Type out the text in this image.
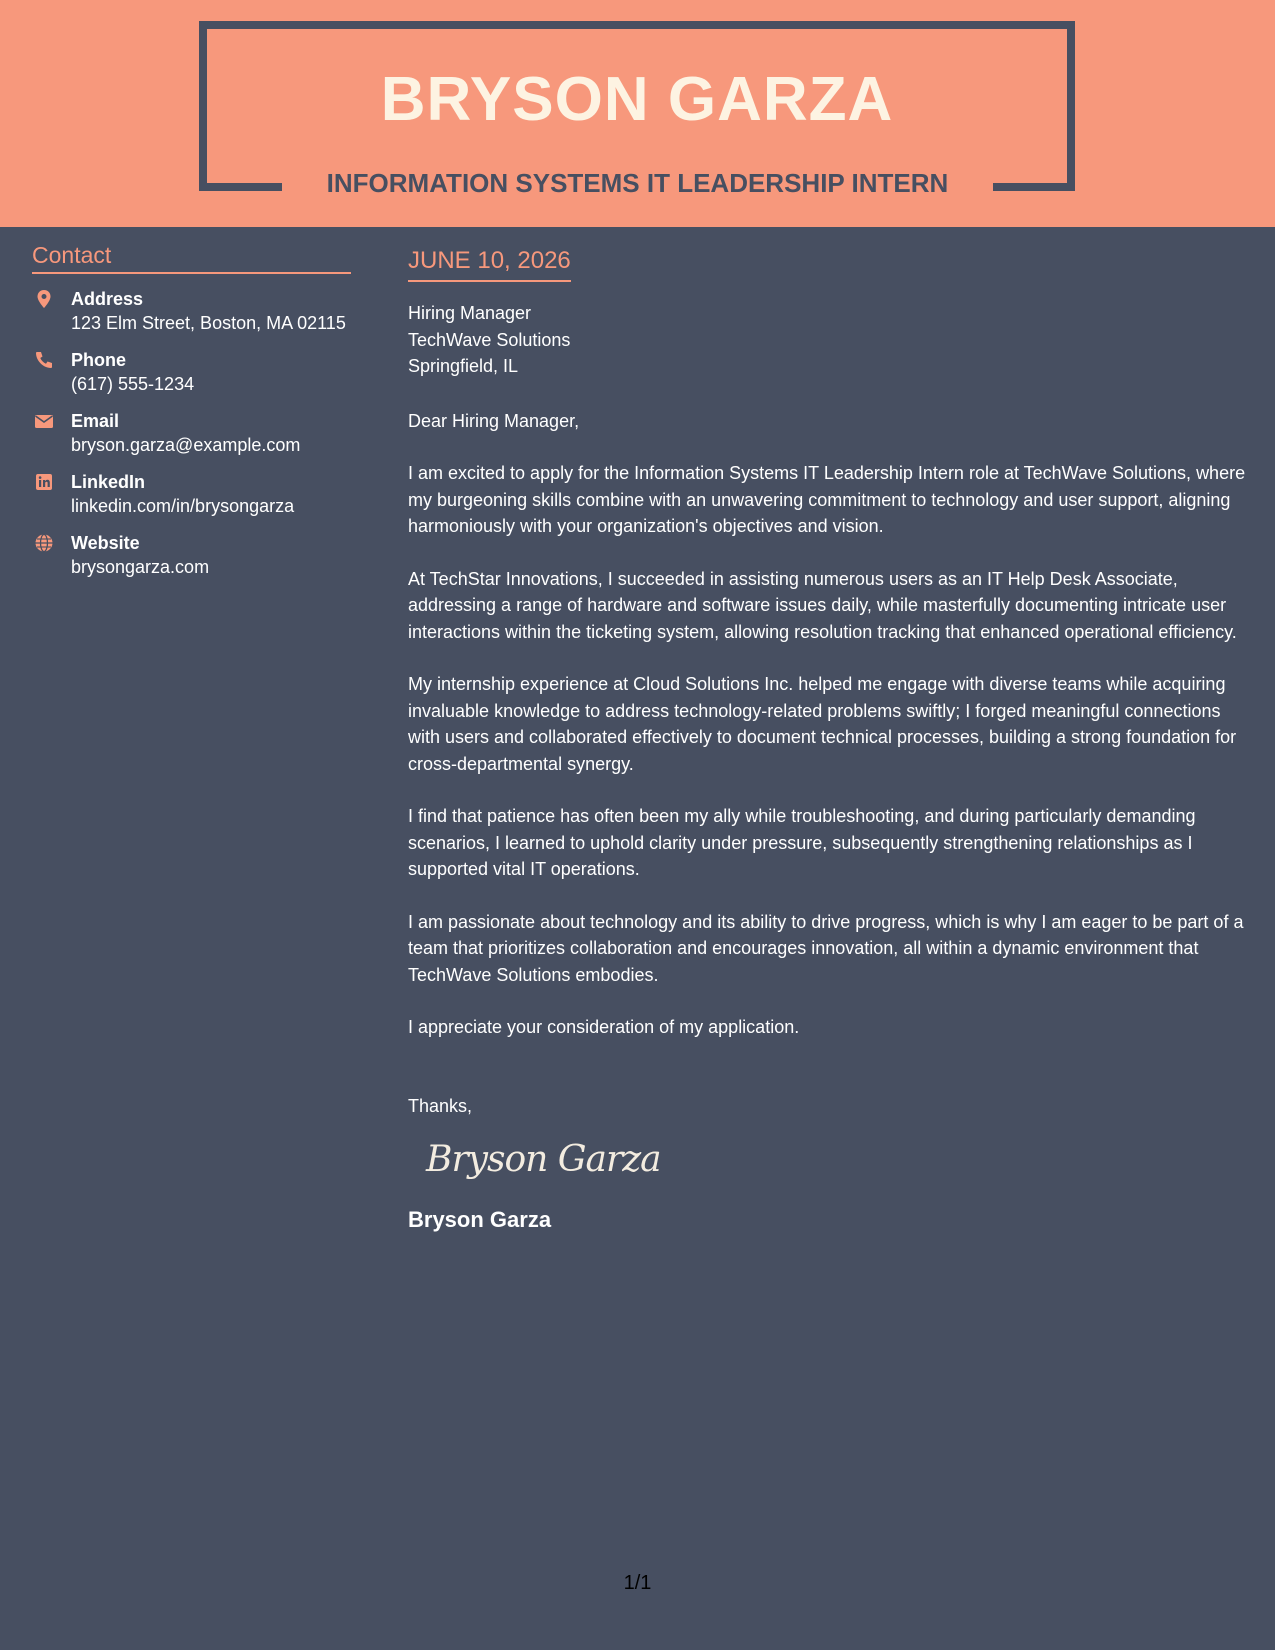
BRYSON GARZA
INFORMATION SYSTEMS IT LEADERSHIP INTERN
Contact
Address
123 Elm Street, Boston, MA 02115
Phone
(617) 555-1234
Email
bryson.garza@example.com
LinkedIn
linkedin.com/in/brysongarza
Website
brysongarza.com
JUNE 10, 2026
Hiring Manager
TechWave Solutions
Springfield, IL
Dear Hiring Manager,
I am excited to apply for the Information Systems IT Leadership Intern role at TechWave Solutions, where my burgeoning skills combine with an unwavering commitment to technology and user support, aligning harmoniously with your organization's objectives and vision.
At TechStar Innovations, I succeeded in assisting numerous users as an IT Help Desk Associate, addressing a range of hardware and software issues daily, while masterfully documenting intricate user interactions within the ticketing system, allowing resolution tracking that enhanced operational efficiency.
My internship experience at Cloud Solutions Inc. helped me engage with diverse teams while acquiring invaluable knowledge to address technology-related problems swiftly; I forged meaningful connections with users and collaborated effectively to document technical processes, building a strong foundation for cross-departmental synergy.
I find that patience has often been my ally while troubleshooting, and during particularly demanding scenarios, I learned to uphold clarity under pressure, subsequently strengthening relationships as I supported vital IT operations.
I am passionate about technology and its ability to drive progress, which is why I am eager to be part of a team that prioritizes collaboration and encourages innovation, all within a dynamic environment that TechWave Solutions embodies.
I appreciate your consideration of my application.
Thanks,
Bryson Garza
Bryson Garza
1/1
